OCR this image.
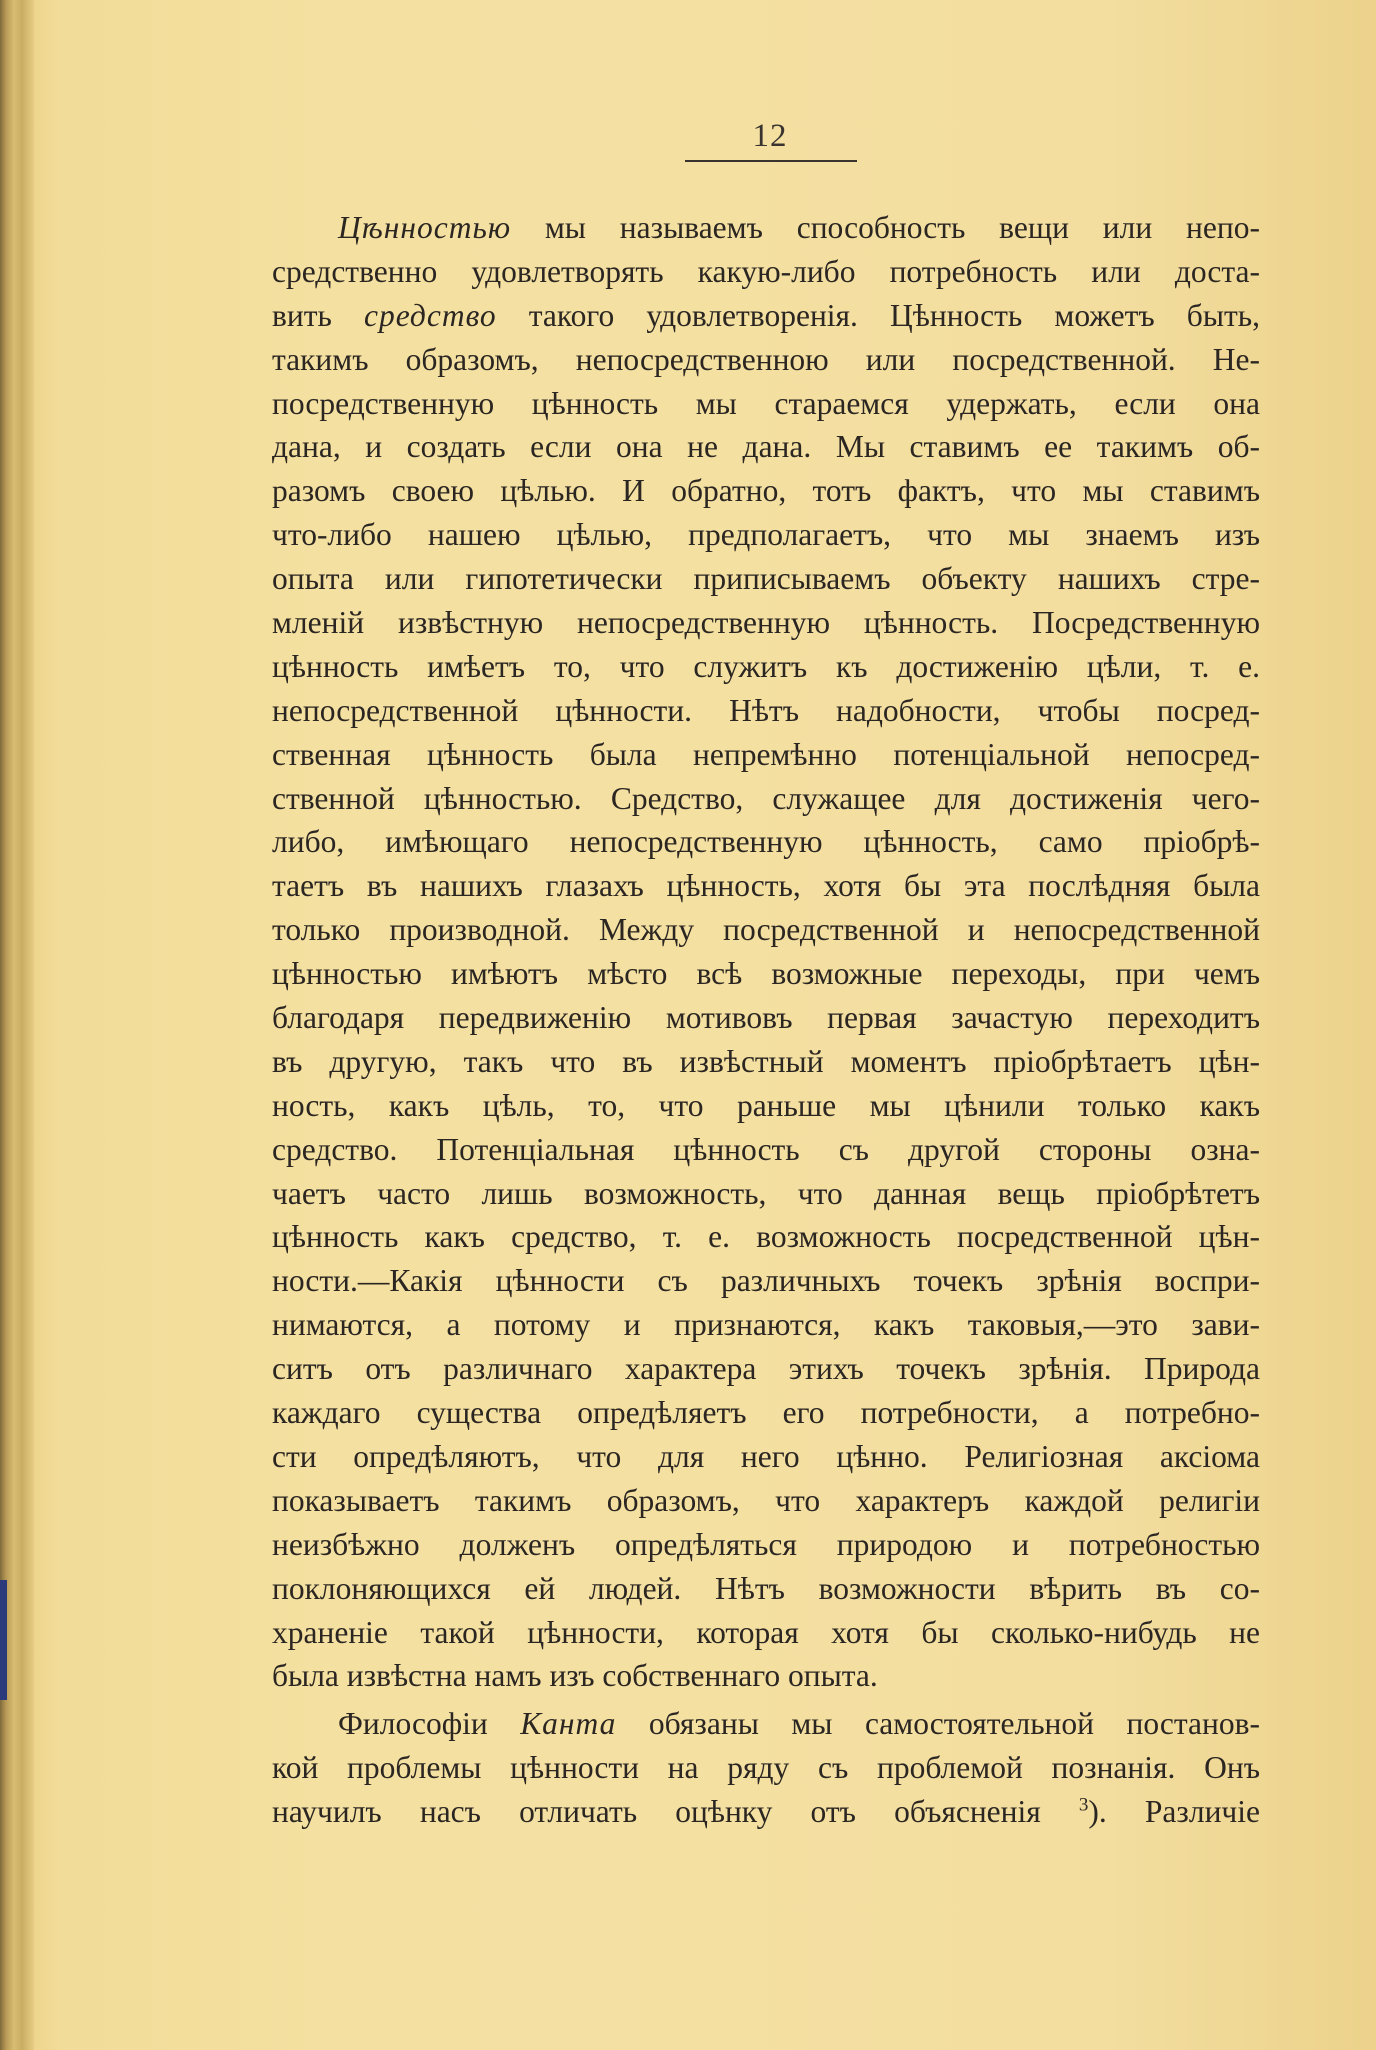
12
Цѣнностью мы называемъ способность вещи или непо-
средственно удовлетворять какую-либо потребность или доста-
вить средство такого удовлетворенія. Цѣнность можетъ быть,
такимъ образомъ, непосредственною или посредственной. Не-
посредственную цѣнность мы стараемся удержать, если она
дана, и создать если она не дана. Мы ставимъ ее такимъ об-
разомъ своею цѣлью. И обратно, тотъ фактъ, что мы ставимъ
что-либо нашею цѣлью, предполагаетъ, что мы знаемъ изъ
опыта или гипотетически приписываемъ объекту нашихъ стре-
мленій извѣстную непосредственную цѣнность. Посредственную
цѣнность имѣетъ то, что служитъ къ достиженію цѣли, т. е.
непосредственной цѣнности. Нѣтъ надобности, чтобы посред-
ственная цѣнность была непремѣнно потенціальной непосред-
ственной цѣнностью. Средство, служащее для достиженія чего-
либо, имѣющаго непосредственную цѣнность, само пріобрѣ-
таетъ въ нашихъ глазахъ цѣнность, хотя бы эта послѣдняя была
только производной. Между посредственной и непосредственной
цѣнностью имѣютъ мѣсто всѣ возможные переходы, при чемъ
благодаря передвиженію мотивовъ первая зачастую переходитъ
въ другую, такъ что въ извѣстный моментъ пріобрѣтаетъ цѣн-
ность, какъ цѣль, то, что раньше мы цѣнили только какъ
средство. Потенціальная цѣнность съ другой стороны озна-
чаетъ часто лишь возможность, что данная вещь пріобрѣтетъ
цѣнность какъ средство, т. е. возможность посредственной цѣн-
ности.—Какія цѣнности съ различныхъ точекъ зрѣнія воспри-
нимаются, а потому и признаются, какъ таковыя,—это зави-
ситъ отъ различнаго характера этихъ точекъ зрѣнія. Природа
каждаго существа опредѣляетъ его потребности, а потребно-
сти опредѣляютъ, что для него цѣнно. Религіозная аксіома
показываетъ такимъ образомъ, что характеръ каждой религіи
неизбѣжно долженъ опредѣляться природою и потребностью
поклоняющихся ей людей. Нѣтъ возможности вѣрить въ со-
храненіе такой цѣнности, которая хотя бы сколько-нибудь не
была извѣстна намъ изъ собственнаго опыта.
Философіи Канта обязаны мы самостоятельной постанов-
кой проблемы цѣнности на ряду съ проблемой познанія. Онъ
научилъ насъ отличать оцѣнку отъ объясненія $^3$). Различіе
